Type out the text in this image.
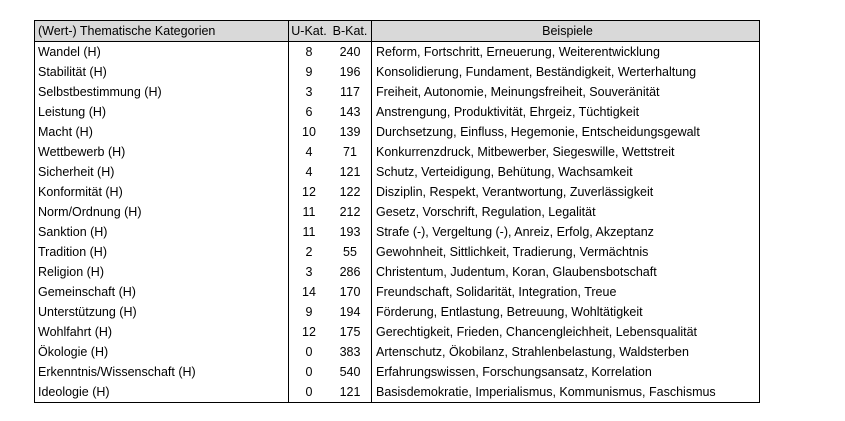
(Wert-) Thematische Kategorien	U-Kat.	B-Kat.	Beispiele
Wandel (H)	8	240	Reform, Fortschritt, Erneuerung, Weiterentwicklung
Stabilität (H)	9	196	Konsolidierung, Fundament, Beständigkeit, Werterhaltung
Selbstbestimmung (H)	3	117	Freiheit, Autonomie, Meinungsfreiheit, Souveränität
Leistung (H)	6	143	Anstrengung, Produktivität, Ehrgeiz, Tüchtigkeit
Macht (H)	10	139	Durchsetzung, Einfluss, Hegemonie, Entscheidungsgewalt
Wettbewerb (H)	4	71	Konkurrenzdruck, Mitbewerber, Siegeswille, Wettstreit
Sicherheit (H)	4	121	Schutz, Verteidigung, Behütung, Wachsamkeit
Konformität (H)	12	122	Disziplin, Respekt, Verantwortung, Zuverlässigkeit
Norm/Ordnung (H)	11	212	Gesetz, Vorschrift, Regulation, Legalität
Sanktion (H)	11	193	Strafe (-), Vergeltung (-), Anreiz, Erfolg, Akzeptanz
Tradition (H)	2	55	Gewohnheit, Sittlichkeit, Tradierung, Vermächtnis
Religion (H)	3	286	Christentum, Judentum, Koran, Glaubensbotschaft
Gemeinschaft (H)	14	170	Freundschaft, Solidarität, Integration, Treue
Unterstützung (H)	9	194	Förderung, Entlastung, Betreuung, Wohltätigkeit
Wohlfahrt (H)	12	175	Gerechtigkeit, Frieden, Chancengleichheit, Lebensqualität
Ökologie (H)	0	383	Artenschutz, Ökobilanz, Strahlenbelastung, Waldsterben
Erkenntnis/Wissenschaft (H)	0	540	Erfahrungswissen, Forschungsansatz, Korrelation
Ideologie (H)	0	121	Basisdemokratie, Imperialismus, Kommunismus, Faschismus
